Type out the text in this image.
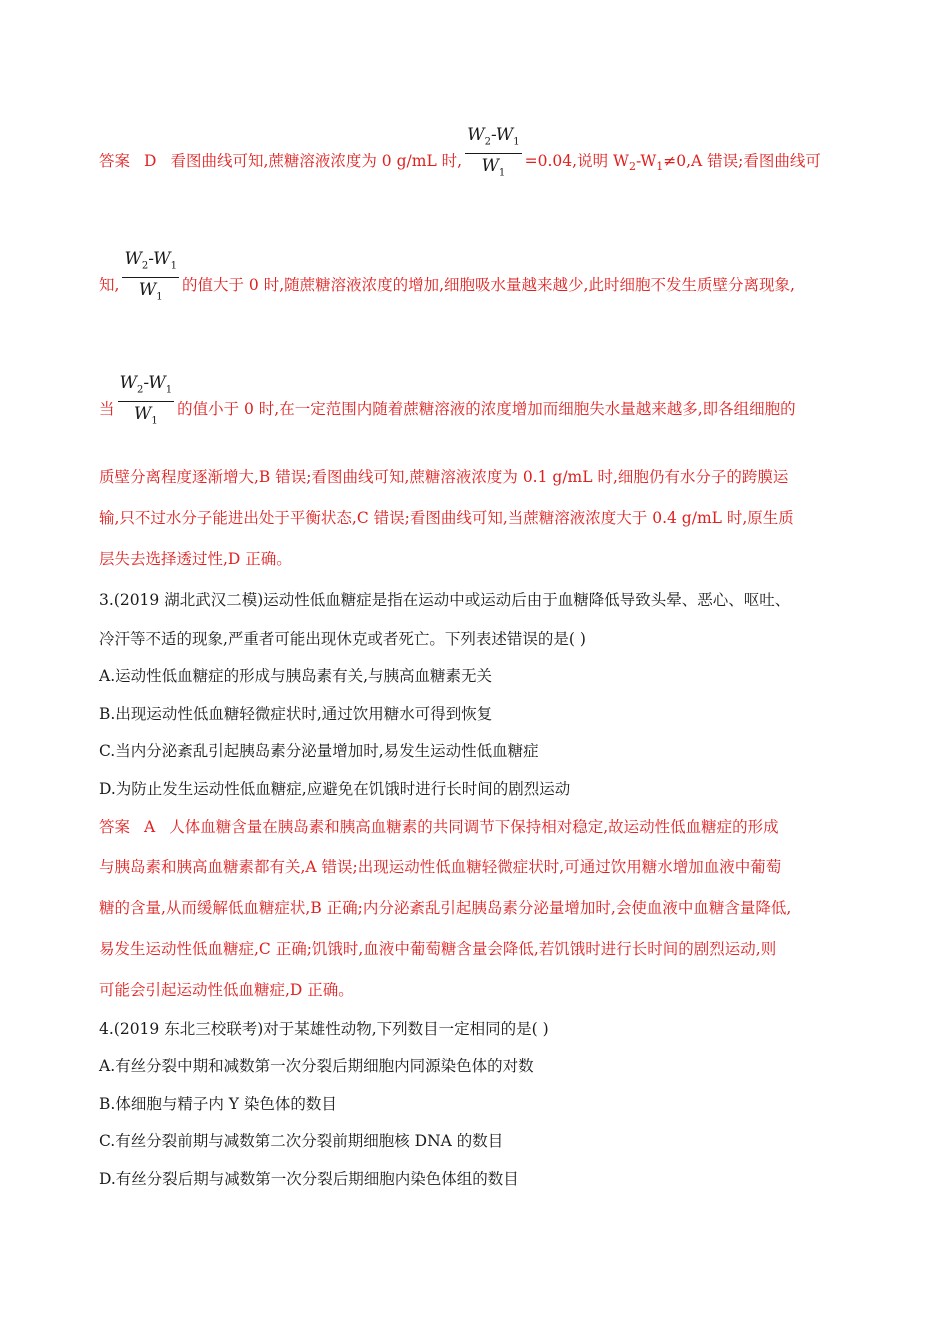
答案 D 看图曲线可知,蔗糖溶液浓度为 0 g/mL 时, $\frac{W_2-W_1}{W_1} =0.04$,说明 $W_2-W_1\ne 0,A$ 错误;看图曲线可
知, $\frac{W_2-W_1}{W_1}$ 的值大于 0 时,随蔗糖溶液浓度的增加,细胞吸水量越来越少,此时细胞不发生质壁分离现象,
当 $\frac{W_2-W_1}{W_1}$ 的值小于 0 时,在一定范围内随着蔗糖溶液的浓度增加而细胞失水量越来越多,即各组细胞的
质壁分离程度逐渐增大,B 错误;看图曲线可知,蔗糖溶液浓度为 0.1 g/mL 时,细胞仍有水分子的跨膜运
输,只不过水分子能进出处于平衡状态,C 错误;看图曲线可知,当蔗糖溶液浓度大于 0.4 g/mL 时,原生质
层失去选择透过性,D 正确。
3.(2019 湖北武汉二模)运动性低血糖症是指在运动中或运动后由于血糖降低导致头晕、恶心、呕吐、
冷汗等不适的现象,严重者可能出现休克或者死亡。下列表述错误的是( )
A.运动性低血糖症的形成与胰岛素有关,与胰高血糖素无关
B.出现运动性低血糖轻微症状时,通过饮用糖水可得到恢复
C.当内分泌紊乱引起胰岛素分泌量增加时,易发生运动性低血糖症
D.为防止发生运动性低血糖症,应避免在饥饿时进行长时间的剧烈运动
答案 A 人体血糖含量在胰岛素和胰高血糖素的共同调节下保持相对稳定,故运动性低血糖症的形成
与胰岛素和胰高血糖素都有关,A 错误;出现运动性低血糖轻微症状时,可通过饮用糖水增加血液中葡萄
糖的含量,从而缓解低血糖症状,B 正确;内分泌紊乱引起胰岛素分泌量增加时,会使血液中血糖含量降低,
易发生运动性低血糖症,C 正确;饥饿时,血液中葡萄糖含量会降低,若饥饿时进行长时间的剧烈运动,则
可能会引起运动性低血糖症,D 正确。
4.(2019 东北三校联考)对于某雄性动物,下列数目一定相同的是( )
A.有丝分裂中期和减数第一次分裂后期细胞内同源染色体的对数
B.体细胞与精子内 Y 染色体的数目
C.有丝分裂前期与减数第二次分裂前期细胞核 DNA 的数目
D.有丝分裂后期与减数第一次分裂后期细胞内染色体组的数目
